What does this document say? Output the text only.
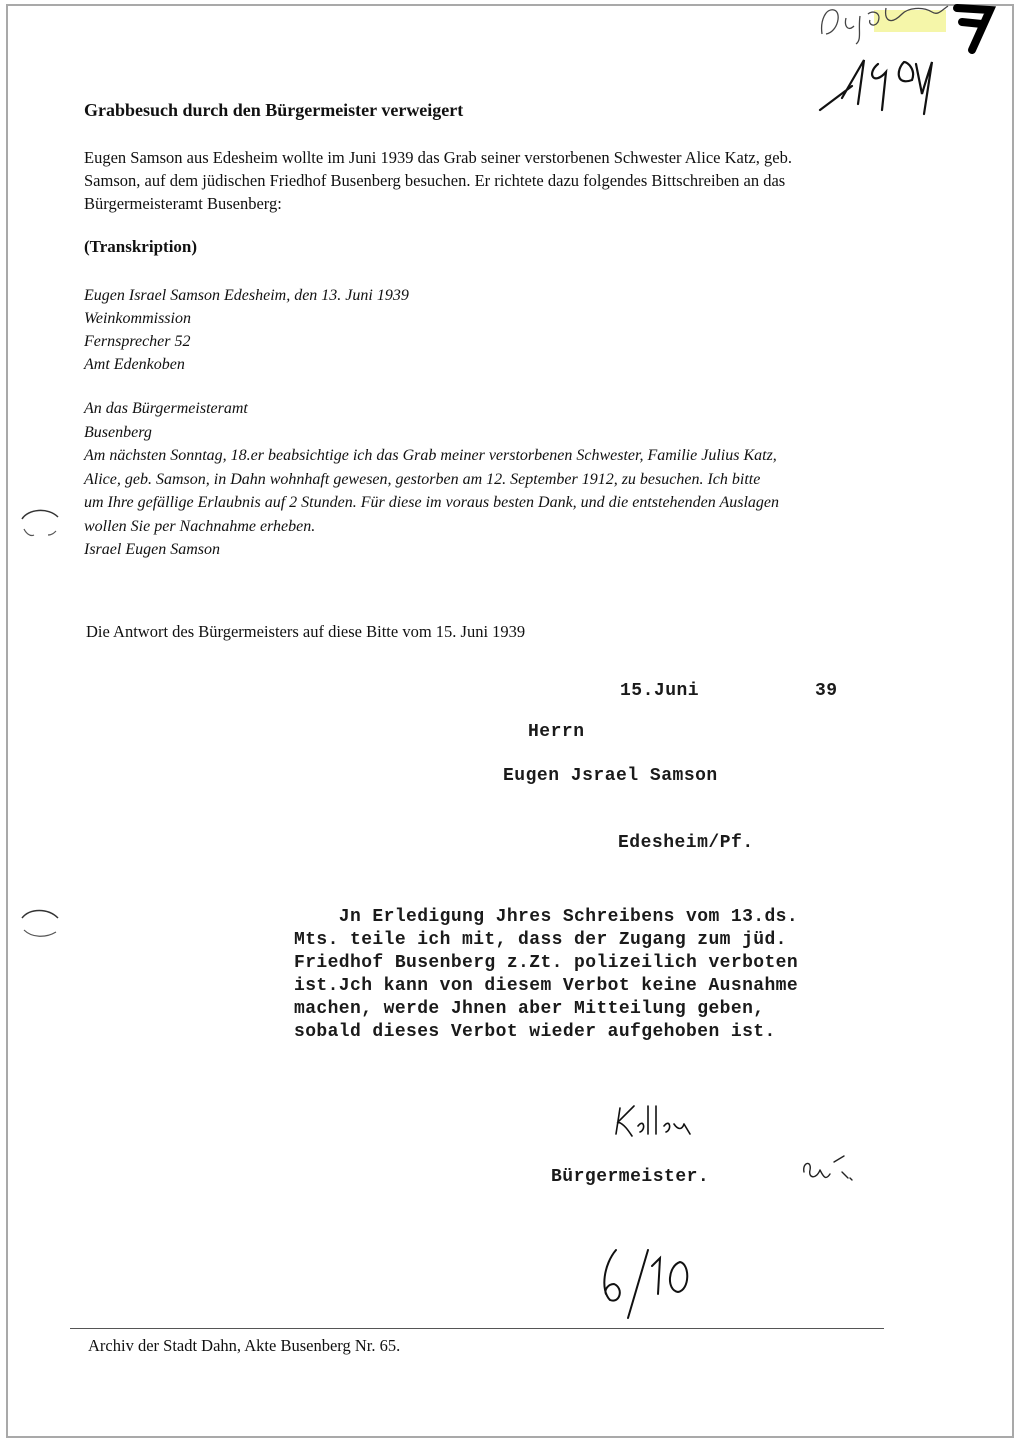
Grabbesuch durch den Bürgermeister verweigert
Eugen Samson aus Edesheim wollte im Juni 1939 das Grab seiner verstorbenen Schwester Alice Katz, geb.
Samson, auf dem jüdischen Friedhof Busenberg besuchen. Er richtete dazu folgendes Bittschreiben an das
Bürgermeisteramt Busenberg:
(Transkription)
Eugen Israel Samson Edesheim, den 13. Juni 1939
Weinkommission
Fernsprecher 52
Amt Edenkoben
An das Bürgermeisteramt
Busenberg
Am nächsten Sonntag, 18.er beabsichtige ich das Grab meiner verstorbenen Schwester, Familie Julius Katz,
Alice, geb. Samson, in Dahn wohnhaft gewesen, gestorben am 12. September 1912, zu besuchen. Ich bitte
um Ihre gefällige Erlaubnis auf 2 Stunden. Für diese im voraus besten Dank, und die entstehenden Auslagen
wollen Sie per Nachnahme erheben.
Israel Eugen Samson
Die Antwort des Bürgermeisters auf diese Bitte vom 15. Juni 1939
15.Juni	39
Herrn
Eugen Jsrael Samson
Edesheim/Pf.
Jn Erledigung Jhres Schreibens vom 13.ds.
Mts. teile ich mit, dass der Zugang zum jüd.
Friedhof Busenberg z.Zt. polizeilich verboten
ist.Jch kann von diesem Verbot keine Ausnahme
machen, werde Jhnen aber Mitteilung geben,
sobald dieses Verbot wieder aufgehoben ist.
Bürgermeister.
Archiv der Stadt Dahn, Akte Busenberg Nr. 65.
